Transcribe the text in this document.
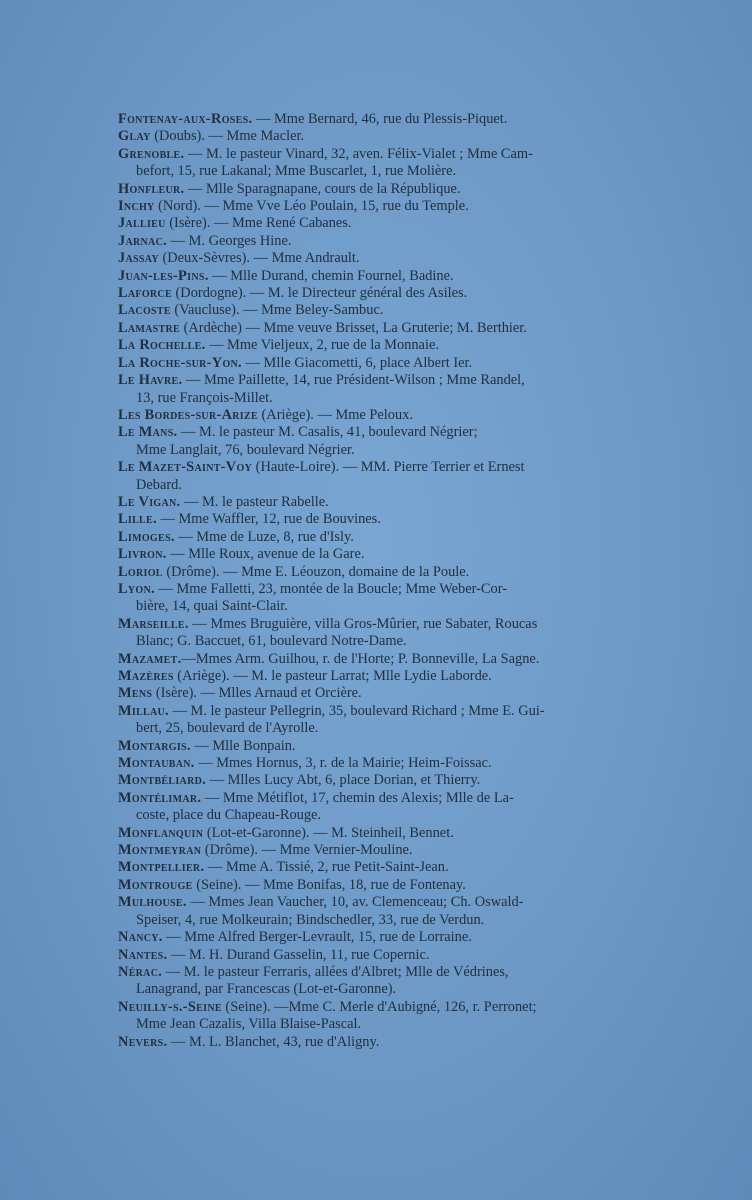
Fontenay-aux-Roses. — Mme Bernard, 46, rue du Plessis-Piquet.

Glay (Doubs). — Mme Macler.

Grenoble. — M. le pasteur Vinard, 32, aven. Félix-Vialet ; Mme Cam-
befort, 15, rue Lakanal; Mme Buscarlet, 1, rue Molière.

Honfleur. — Mlle Sparagnapane, cours de la République.

Inchy (Nord). — Mme Vve Léo Poulain, 15, rue du Temple.

Jallieu (Isère). — Mme René Cabanes.

Jarnac. — M. Georges Hine.

Jassay (Deux-Sèvres). — Mme Andrault.

Juan-les-Pins. — Mlle Durand, chemin Fournel, Badine.

Laforce (Dordogne). — M. le Directeur général des Asiles.

Lacoste (Vaucluse). — Mme Beley-Sambuc.

Lamastre (Ardèche) — Mme veuve Brisset, La Gruterie; M. Berthier.

La Rochelle. — Mme Vieljeux, 2, rue de la Monnaie.

La Roche-sur-Yon. — Mlle Giacometti, 6, place Albert Ier.

Le Havre. — Mme Paillette, 14, rue Président-Wilson ; Mme Randel,
13, rue François-Millet.

Les Bordes-sur-Arize (Ariège). — Mme Peloux.

Le Mans. — M. le pasteur M. Casalis, 41, boulevard Négrier;
Mme Langlait, 76, boulevard Négrier.

Le Mazet-Saint-Voy (Haute-Loire). — MM. Pierre Terrier et Ernest
Debard.

Le Vigan. — M. le pasteur Rabelle.

Lille. — Mme Waffler, 12, rue de Bouvines.

Limoges. — Mme de Luze, 8, rue d'Isly.

Livron. — Mlle Roux, avenue de la Gare.

Loriol (Drôme). — Mme E. Léouzon, domaine de la Poule.

Lyon. — Mme Falletti, 23, montée de la Boucle; Mme Weber-Cor-
bière, 14, quai Saint-Clair.

Marseille. — Mmes Bruguière, villa Gros-Mûrier, rue Sabater, Roucas
Blanc; G. Baccuet, 61, boulevard Notre-Dame.

Mazamet.—Mmes Arm. Guilhou, r. de l'Horte; P. Bonneville, La Sagne.

Mazères (Ariège). — M. le pasteur Larrat; Mlle Lydie Laborde.

Mens (Isère). — Mlles Arnaud et Orcière.

Millau. — M. le pasteur Pellegrin, 35, boulevard Richard ; Mme E. Gui-
bert, 25, boulevard de l'Ayrolle.

Montargis. — Mlle Bonpain.

Montauban. — Mmes Hornus, 3, r. de la Mairie; Heim-Foissac.

Montbéliard. — Mlles Lucy Abt, 6, place Dorian, et Thierry.

Montélimar. — Mme Métiflot, 17, chemin des Alexis; Mlle de La-
coste, place du Chapeau-Rouge.

Monflanquin (Lot-et-Garonne). — M. Steinheil, Bennet.

Montmeyran (Drôme). — Mme Vernier-Mouline.

Montpellier. — Mme A. Tissié, 2, rue Petit-Saint-Jean.

Montrouge (Seine). — Mme Bonifas, 18, rue de Fontenay.

Mulhouse. — Mmes Jean Vaucher, 10, av. Clemenceau; Ch. Oswald-
Speiser, 4, rue Molkeurain; Bindschedler, 33, rue de Verdun.

Nancy. — Mme Alfred Berger-Levrault, 15, rue de Lorraine.

Nantes. — M. H. Durand Gasselin, 11, rue Copernic.

Nérac. — M. le pasteur Ferraris, allées d'Albret; Mlle de Védrines,
Lanagrand, par Francescas (Lot-et-Garonne).

Neuilly-s.-Seine (Seine). —Mme C. Merle d'Aubigné, 126, r. Perronet;
Mme Jean Cazalis, Villa Blaise-Pascal.

Nevers. — M. L. Blanchet, 43, rue d'Aligny.
